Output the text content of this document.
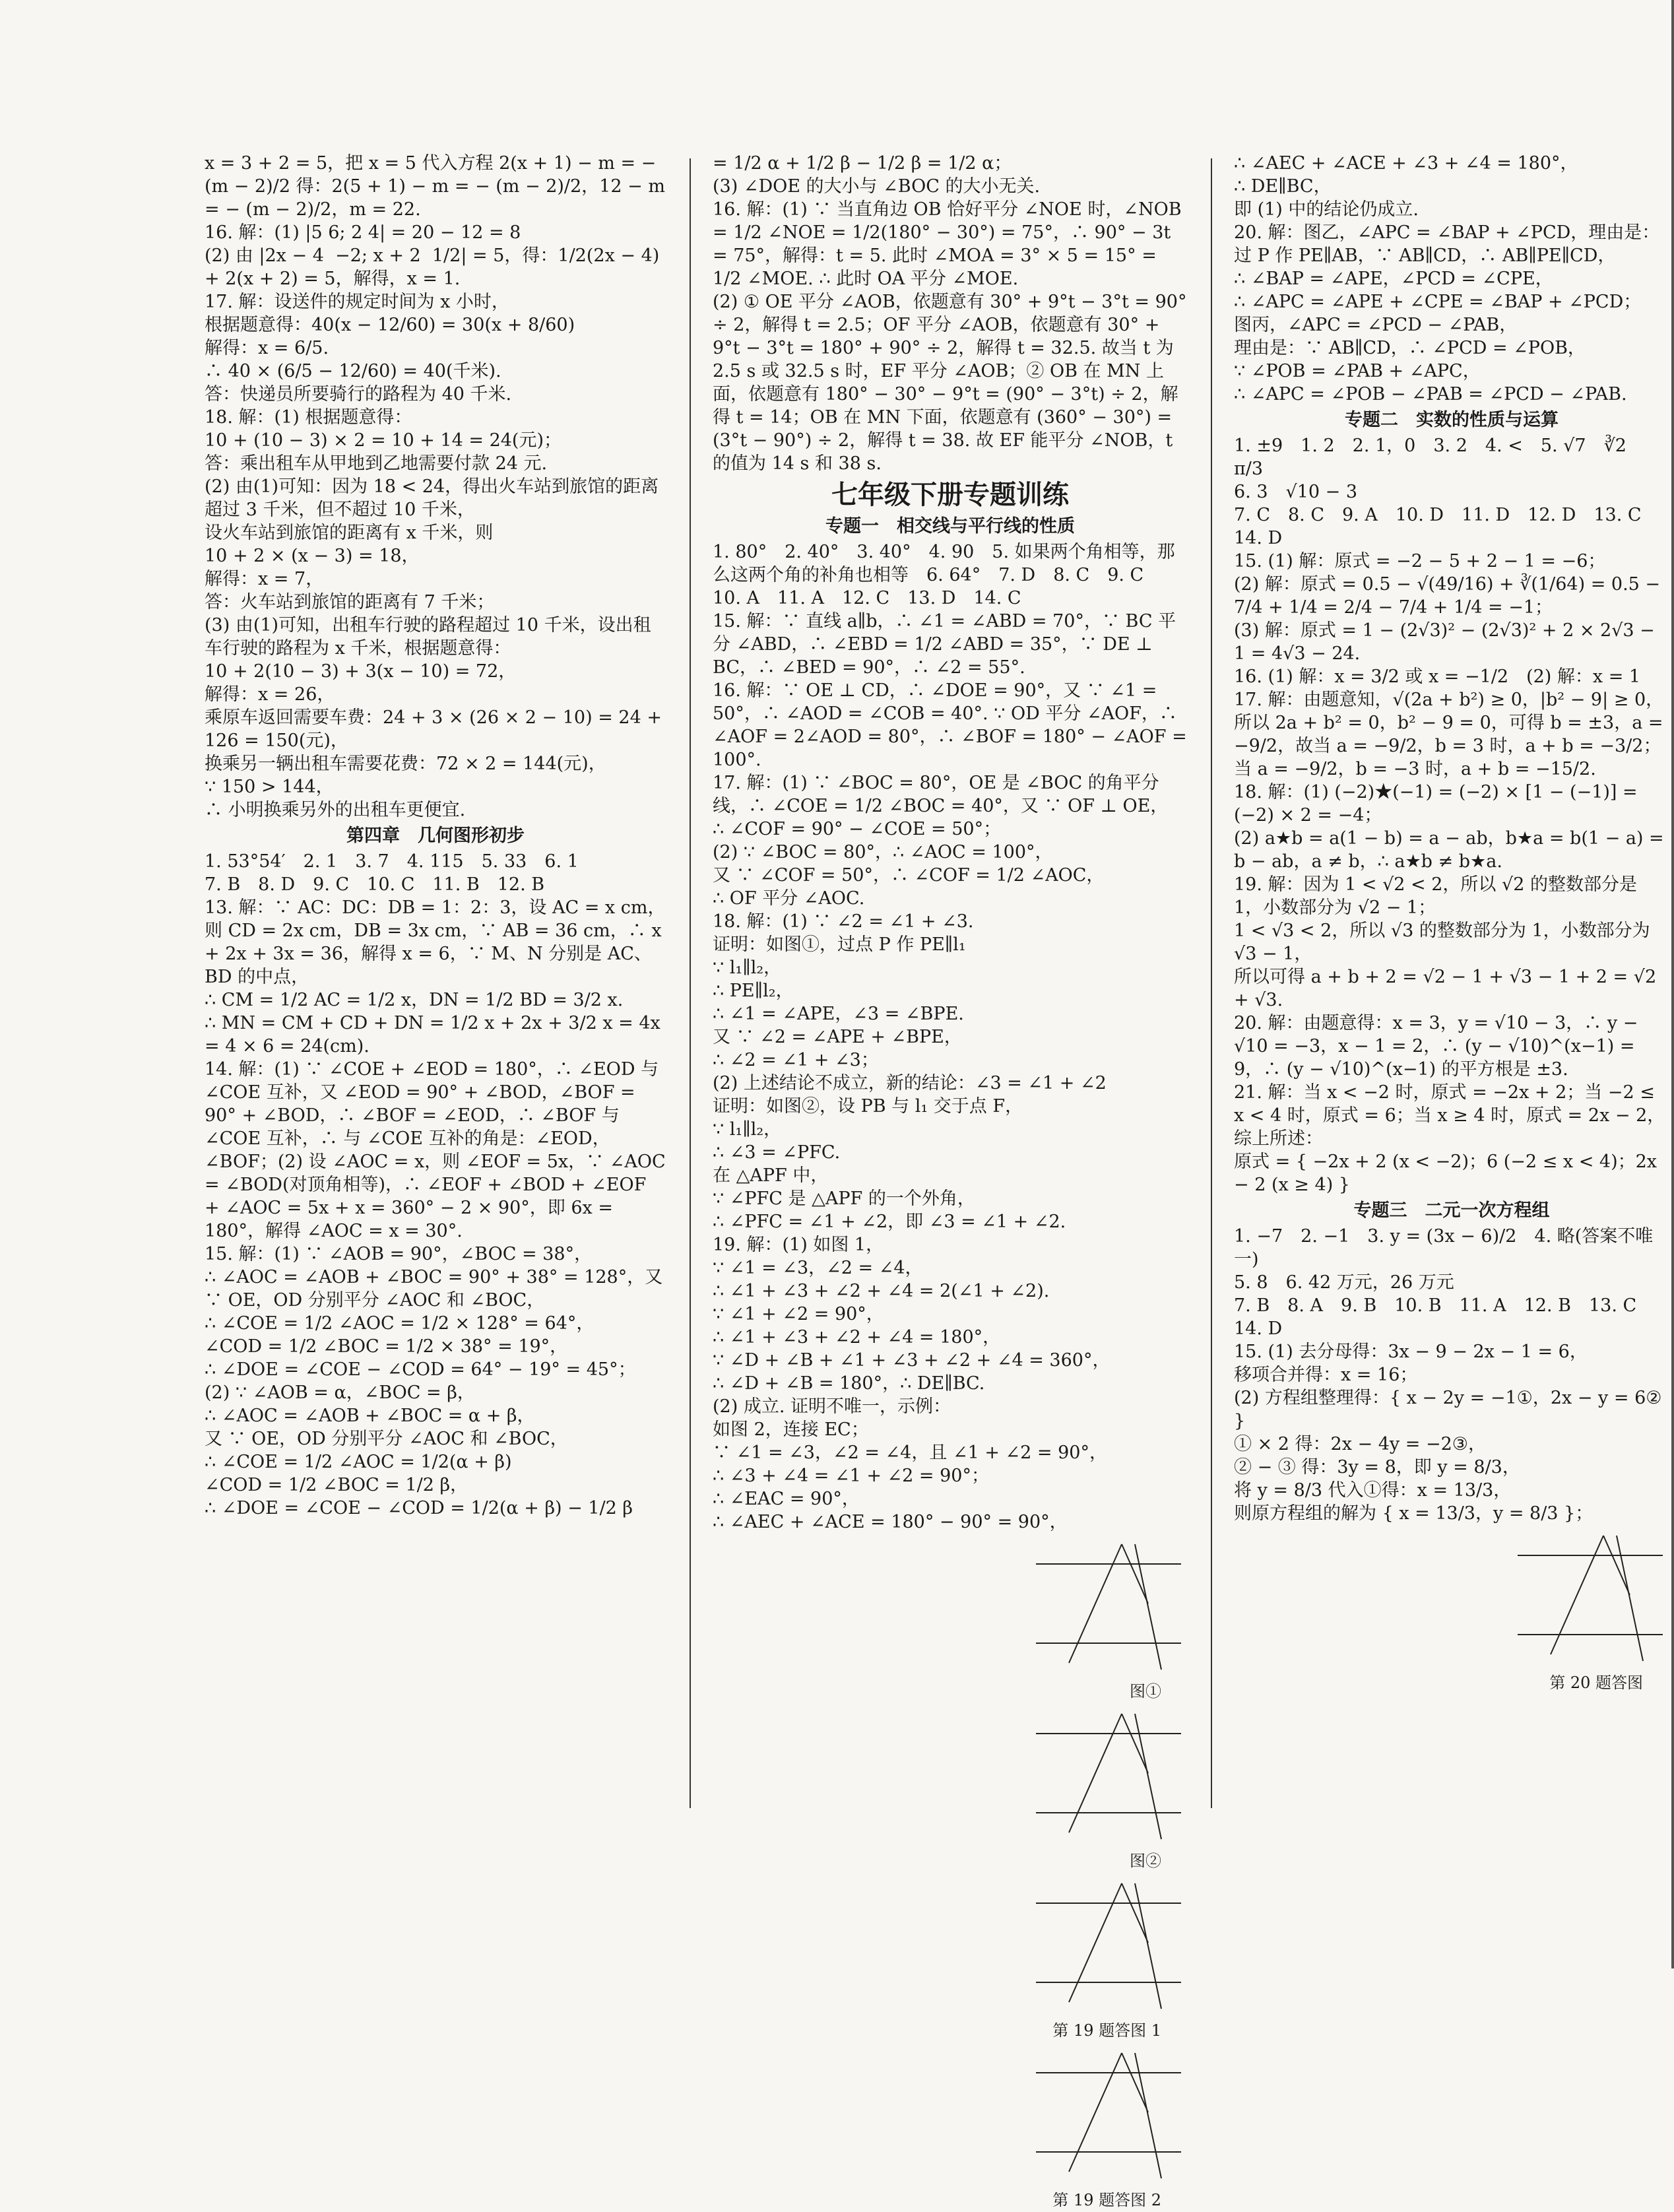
x = 3 + 2 = 5，把 x = 5 代入方程 2(x + 1) − m = − (m − 2)/2 得：2(5 + 1) − m = − (m − 2)/2，12 − m = − (m − 2)/2，m = 22.

16. 解：(1) |5 6; 2 4| = 20 − 12 = 8

(2) 由 |2x − 4  −2; x + 2  1/2| = 5，得：1/2(2x − 4) + 2(x + 2) = 5，解得，x = 1.

17. 解：设送件的规定时间为 x 小时，

根据题意得：40(x − 12/60) = 30(x + 8/60)

解得：x = 6/5.

∴ 40 × (6/5 − 12/60) = 40(千米).

答：快递员所要骑行的路程为 40 千米.

18. 解：(1) 根据题意得：

10 + (10 − 3) × 2 = 10 + 14 = 24(元)；

答：乘出租车从甲地到乙地需要付款 24 元.

(2) 由(1)可知：因为 18 < 24，得出火车站到旅馆的距离超过 3 千米，但不超过 10 千米，

设火车站到旅馆的距离有 x 千米，则

10 + 2 × (x − 3) = 18，

解得：x = 7，

答：火车站到旅馆的距离有 7 千米；

(3) 由(1)可知，出租车行驶的路程超过 10 千米，设出租车行驶的路程为 x 千米，根据题意得：

10 + 2(10 − 3) + 3(x − 10) = 72，

解得：x = 26，

乘原车返回需要车费：24 + 3 × (26 × 2 − 10) = 24 + 126 = 150(元)，

换乘另一辆出租车需要花费：72 × 2 = 144(元)，

∵ 150 > 144，

∴ 小明换乘另外的出租车更便宜.

第四章　几何图形初步

1. 53°54′　2. 1　3. 7　4. 115　5. 33　6. 1

7. B　8. D　9. C　10. C　11. B　12. B

13. 解：∵ AC：DC：DB = 1：2：3，设 AC = x cm，则 CD = 2x cm，DB = 3x cm，∵ AB = 36 cm，∴ x + 2x + 3x = 36，解得 x = 6，∵ M、N 分别是 AC、BD 的中点，

∴ CM = 1/2 AC = 1/2 x，DN = 1/2 BD = 3/2 x.

∴ MN = CM + CD + DN = 1/2 x + 2x + 3/2 x = 4x = 4 × 6 = 24(cm).

14. 解：(1) ∵ ∠COE + ∠EOD = 180°，∴ ∠EOD 与 ∠COE 互补，又 ∠EOD = 90° + ∠BOD，∠BOF = 90° + ∠BOD，∴ ∠BOF = ∠EOD，∴ ∠BOF 与 ∠COE 互补，∴ 与 ∠COE 互补的角是：∠EOD，∠BOF；(2) 设 ∠AOC = x，则 ∠EOF = 5x，∵ ∠AOC = ∠BOD(对顶角相等)，∴ ∠EOF + ∠BOD + ∠EOF + ∠AOC = 5x + x = 360° − 2 × 90°，即 6x = 180°，解得 ∠AOC = x = 30°.

15. 解：(1) ∵ ∠AOB = 90°，∠BOC = 38°，

∴ ∠AOC = ∠AOB + ∠BOC = 90° + 38° = 128°，又 ∵ OE，OD 分别平分 ∠AOC 和 ∠BOC，

∴ ∠COE = 1/2 ∠AOC = 1/2 × 128° = 64°，

∠COD = 1/2 ∠BOC = 1/2 × 38° = 19°，

∴ ∠DOE = ∠COE − ∠COD = 64° − 19° = 45°；

(2) ∵ ∠AOB = α，∠BOC = β，

∴ ∠AOC = ∠AOB + ∠BOC = α + β，

又 ∵ OE，OD 分别平分 ∠AOC 和 ∠BOC，

∴ ∠COE = 1/2 ∠AOC = 1/2(α + β)

∠COD = 1/2 ∠BOC = 1/2 β，

∴ ∠DOE = ∠COE − ∠COD = 1/2(α + β) − 1/2 β

= 1/2 α + 1/2 β − 1/2 β = 1/2 α；

(3) ∠DOE 的大小与 ∠BOC 的大小无关.

16. 解：(1) ∵ 当直角边 OB 恰好平分 ∠NOE 时，∠NOB = 1/2 ∠NOE = 1/2(180° − 30°) = 75°，∴ 90° − 3t = 75°，解得：t = 5. 此时 ∠MOA = 3° × 5 = 15° = 1/2 ∠MOE. ∴ 此时 OA 平分 ∠MOE.

(2) ① OE 平分 ∠AOB，依题意有 30° + 9°t − 3°t = 90° ÷ 2，解得 t = 2.5；OF 平分 ∠AOB，依题意有 30° + 9°t − 3°t = 180° + 90° ÷ 2，解得 t = 32.5. 故当 t 为 2.5 s 或 32.5 s 时，EF 平分 ∠AOB；② OB 在 MN 上面，依题意有 180° − 30° − 9°t = (90° − 3°t) ÷ 2，解得 t = 14；OB 在 MN 下面，依题意有 (360° − 30°) = (3°t − 90°) ÷ 2，解得 t = 38. 故 EF 能平分 ∠NOB，t 的值为 14 s 和 38 s.

七年级下册专题训练

专题一　相交线与平行线的性质

1. 80°　2. 40°　3. 40°　4. 90　5. 如果两个角相等，那么这两个角的补角也相等　6. 64°　7. D　8. C　9. C　10. A　11. A　12. C　13. D　14. C

15. 解：∵ 直线 a∥b，∴ ∠1 = ∠ABD = 70°，∵ BC 平分 ∠ABD，∴ ∠EBD = 1/2 ∠ABD = 35°，∵ DE ⊥ BC，∴ ∠BED = 90°，∴ ∠2 = 55°.

16. 解：∵ OE ⊥ CD，∴ ∠DOE = 90°，又 ∵ ∠1 = 50°，∴ ∠AOD = ∠COB = 40°. ∵ OD 平分 ∠AOF，∴ ∠AOF = 2∠AOD = 80°，∴ ∠BOF = 180° − ∠AOF = 100°.

17. 解：(1) ∵ ∠BOC = 80°，OE 是 ∠BOC 的角平分线，∴ ∠COE = 1/2 ∠BOC = 40°，又 ∵ OF ⊥ OE，

∴ ∠COF = 90° − ∠COE = 50°；

(2) ∵ ∠BOC = 80°，∴ ∠AOC = 100°，

又 ∵ ∠COF = 50°，∴ ∠COF = 1/2 ∠AOC，

∴ OF 平分 ∠AOC.

18. 解：(1) ∵ ∠2 = ∠1 + ∠3.

证明：如图①，过点 P 作 PE∥l₁

∵ l₁∥l₂，

∴ PE∥l₂，

∴ ∠1 = ∠APE，∠3 = ∠BPE.

又 ∵ ∠2 = ∠APE + ∠BPE，

∴ ∠2 = ∠1 + ∠3；

(2) 上述结论不成立，新的结论：∠3 = ∠1 + ∠2

证明：如图②，设 PB 与 l₁ 交于点 F，

∵ l₁∥l₂，

∴ ∠3 = ∠PFC.

在 △APF 中，

∵ ∠PFC 是 △APF 的一个外角，

∴ ∠PFC = ∠1 + ∠2，即 ∠3 = ∠1 + ∠2.

19. 解：(1) 如图 1，

∵ ∠1 = ∠3，∠2 = ∠4，

∴ ∠1 + ∠3 + ∠2 + ∠4 = 2(∠1 + ∠2).

∵ ∠1 + ∠2 = 90°，

∴ ∠1 + ∠3 + ∠2 + ∠4 = 180°，

∵ ∠D + ∠B + ∠1 + ∠3 + ∠2 + ∠4 = 360°，

∴ ∠D + ∠B = 180°，∴ DE∥BC.

(2) 成立. 证明不唯一，示例：

如图 2，连接 EC；

∵ ∠1 = ∠3，∠2 = ∠4，且 ∠1 + ∠2 = 90°，

∴ ∠3 + ∠4 = ∠1 + ∠2 = 90°；

∴ ∠EAC = 90°，

∴ ∠AEC + ∠ACE = 180° − 90° = 90°，

图①
图②
第 19 题答图 1
第 19 题答图 2

∴ ∠AEC + ∠ACE + ∠3 + ∠4 = 180°，

∴ DE∥BC，

即 (1) 中的结论仍成立.

20. 解：图乙，∠APC = ∠BAP + ∠PCD，理由是：

过 P 作 PE∥AB，∵ AB∥CD，∴ AB∥PE∥CD，

∴ ∠BAP = ∠APE，∠PCD = ∠CPE，

∴ ∠APC = ∠APE + ∠CPE = ∠BAP + ∠PCD；

图丙，∠APC = ∠PCD − ∠PAB，

理由是：∵ AB∥CD，∴ ∠PCD = ∠POB，

∵ ∠POB = ∠PAB + ∠APC，

∴ ∠APC = ∠POB − ∠PAB = ∠PCD − ∠PAB.

专题二　实数的性质与运算

1. ±9　1. 2　2. 1，0　3. 2　4. <　5. √7　∛2　π/3

6. 3　√10 − 3

7. C　8. C　9. A　10. D　11. D　12. D　13. C　14. D

15. (1) 解：原式 = −2 − 5 + 2 − 1 = −6；

(2) 解：原式 = 0.5 − √(49/16) + ∛(1/64) = 0.5 − 7/4 + 1/4 = 2/4 − 7/4 + 1/4 = −1；

(3) 解：原式 = 1 − (2√3)² − (2√3)² + 2 × 2√3 − 1 = 4√3 − 24.

16. (1) 解：x = 3/2 或 x = −1/2　(2) 解：x = 1

17. 解：由题意知，√(2a + b²) ≥ 0，|b² − 9| ≥ 0，所以 2a + b² = 0，b² − 9 = 0，可得 b = ±3，a = −9/2，故当 a = −9/2，b = 3 时，a + b = −3/2；当 a = −9/2，b = −3 时，a + b = −15/2.

18. 解：(1) (−2)★(−1) = (−2) × [1 − (−1)] = (−2) × 2 = −4；

(2) a★b = a(1 − b) = a − ab，b★a = b(1 − a) = b − ab，a ≠ b，∴ a★b ≠ b★a.

19. 解：因为 1 < √2 < 2，所以 √2 的整数部分是 1，小数部分为 √2 − 1；

1 < √3 < 2，所以 √3 的整数部分为 1，小数部分为 √3 − 1，

所以可得 a + b + 2 = √2 − 1 + √3 − 1 + 2 = √2 + √3.

20. 解：由题意得：x = 3，y = √10 − 3，∴ y − √10 = −3，x − 1 = 2，∴ (y − √10)^(x−1) = 9，∴ (y − √10)^(x−1) 的平方根是 ±3.

21. 解：当 x < −2 时，原式 = −2x + 2；当 −2 ≤ x < 4 时，原式 = 6；当 x ≥ 4 时，原式 = 2x − 2，综上所述：

原式 = { −2x + 2 (x < −2)；6 (−2 ≤ x < 4)；2x − 2 (x ≥ 4) }

专题三　二元一次方程组

1. −7　2. −1　3. y = (3x − 6)/2　4. 略(答案不唯一)

5. 8　6. 42 万元，26 万元

7. B　8. A　9. B　10. B　11. A　12. B　13. C　14. D

15. (1) 去分母得：3x − 9 − 2x − 1 = 6，

移项合并得：x = 16；

(2) 方程组整理得：{ x − 2y = −1①，2x − y = 6② }

① × 2 得：2x − 4y = −2③，

② − ③ 得：3y = 8，即 y = 8/3，

将 y = 8/3 代入①得：x = 13/3，

则原方程组的解为 { x = 13/3，y = 8/3 }；

第 20 题答图
